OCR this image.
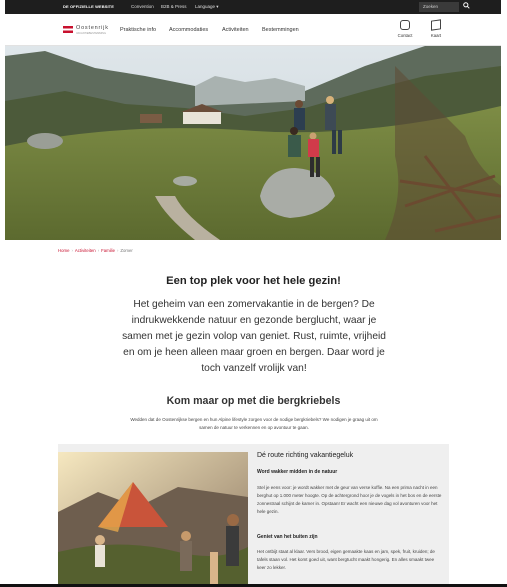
DE OFFIZIELLE WEBSITE	Convention B2B & Press Language ▾	Zoeken
Oostenrijk
VAKANTIEBESTEMMING
Praktische info Accommodaties	Activiteiten Bestemmingen
Contact	Kaart
Home › Activiteiten › Familie › Zomer
Een top plek voor het hele gezin!

Het geheim van een zomervakantie in de bergen? De indrukwekkende natuur en gezonde berglucht, waar je samen met je gezin volop van geniet. Rust, ruimte, vrijheid en om je heen alleen maar groen en bergen. Daar word je toch vanzelf vrolijk van!

Kom maar op met die bergkriebels

Wedden dat de Oostenrijkse bergen en hun Alpine lifestyle zorgen voor de nodige bergkriebels? We nodigen je graag uit om samen de natuur te verkennen en op avontuur te gaan.

Dé route richting vakantiegeluk
Word wakker midden in de natuur

Stel je eens voor: je wordt wakker met de geur van verse koffie. Na een prima nacht in een berghut op 1.000 meter hoogte. Op de achtergrond hoor je de vogels in het bos en de eerste zonnestraal schijnt de kamer in. Opstaan! Er wacht een nieuwe dag vol avonturen voor het hele gezin.

Geniet van het buiten zijn

Het ontbijt staat al klaar. Vers brood, eigen gemaakte kaas en jam, spek, fruit, kruiden; de tafels staan vol. Het komt goed uit, want bergtucht maakt hongerig. En alles smaakt twee keer zo lekker.
